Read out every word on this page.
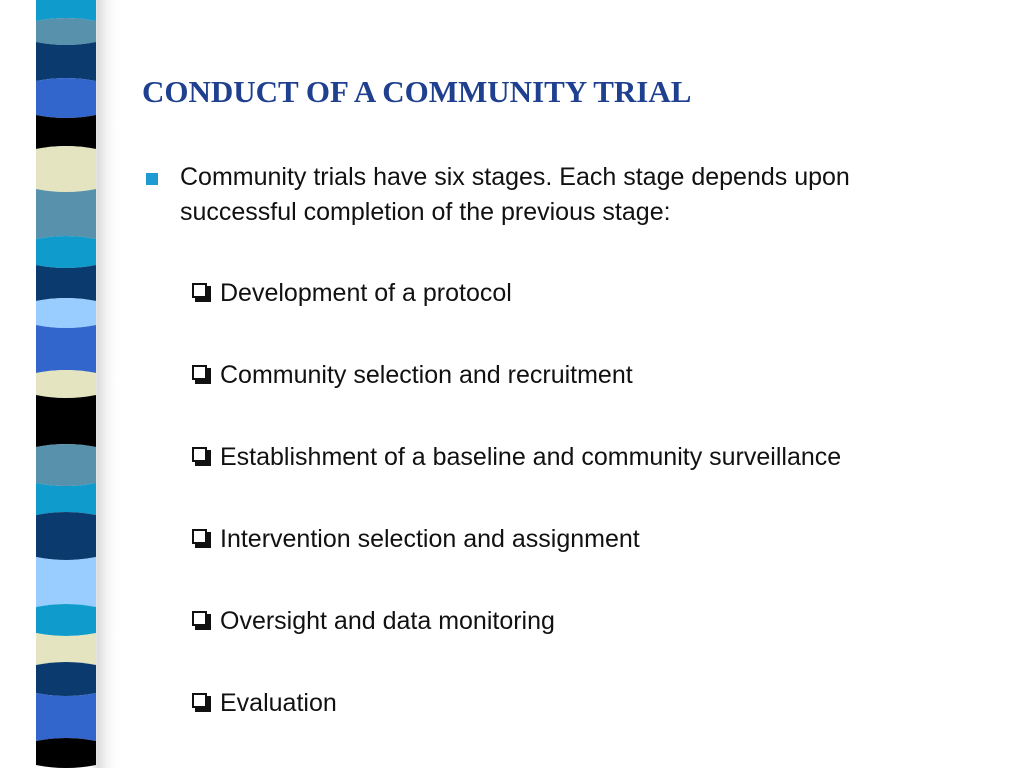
CONDUCT OF A COMMUNITY TRIAL
Community trials have six stages. Each stage depends upon successful completion of the previous stage:
Development of a protocol
Community selection and recruitment
Establishment of a baseline and community surveillance
Intervention selection and assignment
Oversight and data monitoring
Evaluation
